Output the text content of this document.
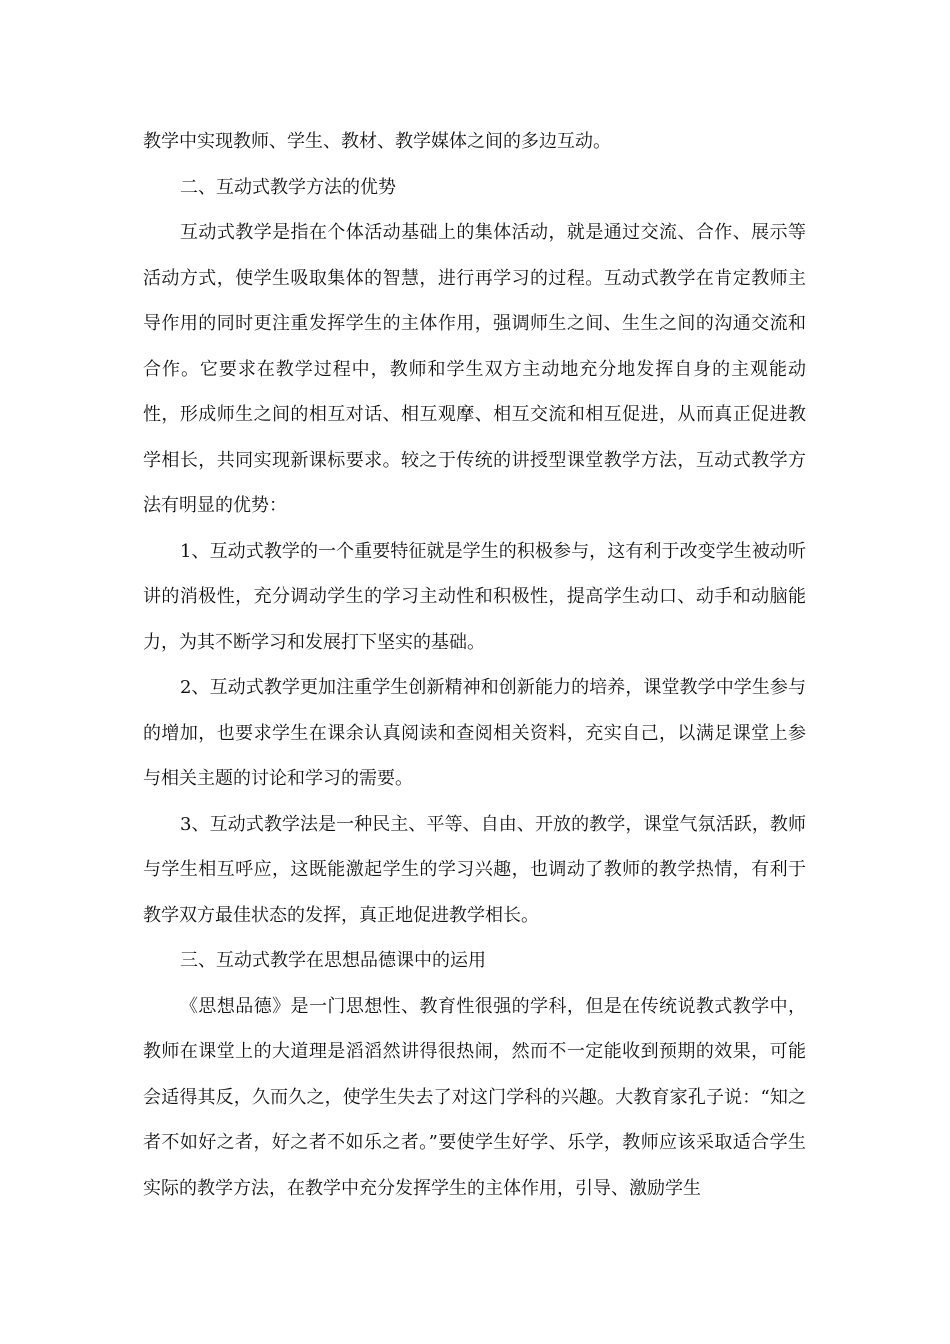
教学中实现教师、学生、教材、教学媒体之间的多边互动。

二、互动式教学方法的优势

互动式教学是指在个体活动基础上的集体活动，就是通过交流、合作、展示等活动方式，使学生吸取集体的智慧，进行再学习的过程。互动式教学在肯定教师主导作用的同时更注重发挥学生的主体作用，强调师生之间、生生之间的沟通交流和合作。它要求在教学过程中，教师和学生双方主动地充分地发挥自身的主观能动性，形成师生之间的相互对话、相互观摩、相互交流和相互促进，从而真正促进教学相长，共同实现新课标要求。较之于传统的讲授型课堂教学方法，互动式教学方法有明显的优势：

1、互动式教学的一个重要特征就是学生的积极参与，这有利于改变学生被动听讲的消极性，充分调动学生的学习主动性和积极性，提高学生动口、动手和动脑能力，为其不断学习和发展打下坚实的基础。

2、互动式教学更加注重学生创新精神和创新能力的培养，课堂教学中学生参与的增加，也要求学生在课余认真阅读和查阅相关资料，充实自己，以满足课堂上参与相关主题的讨论和学习的需要。

3、互动式教学法是一种民主、平等、自由、开放的教学，课堂气氛活跃，教师与学生相互呼应，这既能激起学生的学习兴趣，也调动了教师的教学热情，有利于教学双方最佳状态的发挥，真正地促进教学相长。

三、互动式教学在思想品德课中的运用

《思想品德》是一门思想性、教育性很强的学科，但是在传统说教式教学中，教师在课堂上的大道理是滔滔然讲得很热闹，然而不一定能收到预期的效果，可能会适得其反，久而久之，使学生失去了对这门学科的兴趣。大教育家孔子说：“知之者不如好之者，好之者不如乐之者。”要使学生好学、乐学，教师应该采取适合学生实际的教学方法，在教学中充分发挥学生的主体作用，引导、激励学生
